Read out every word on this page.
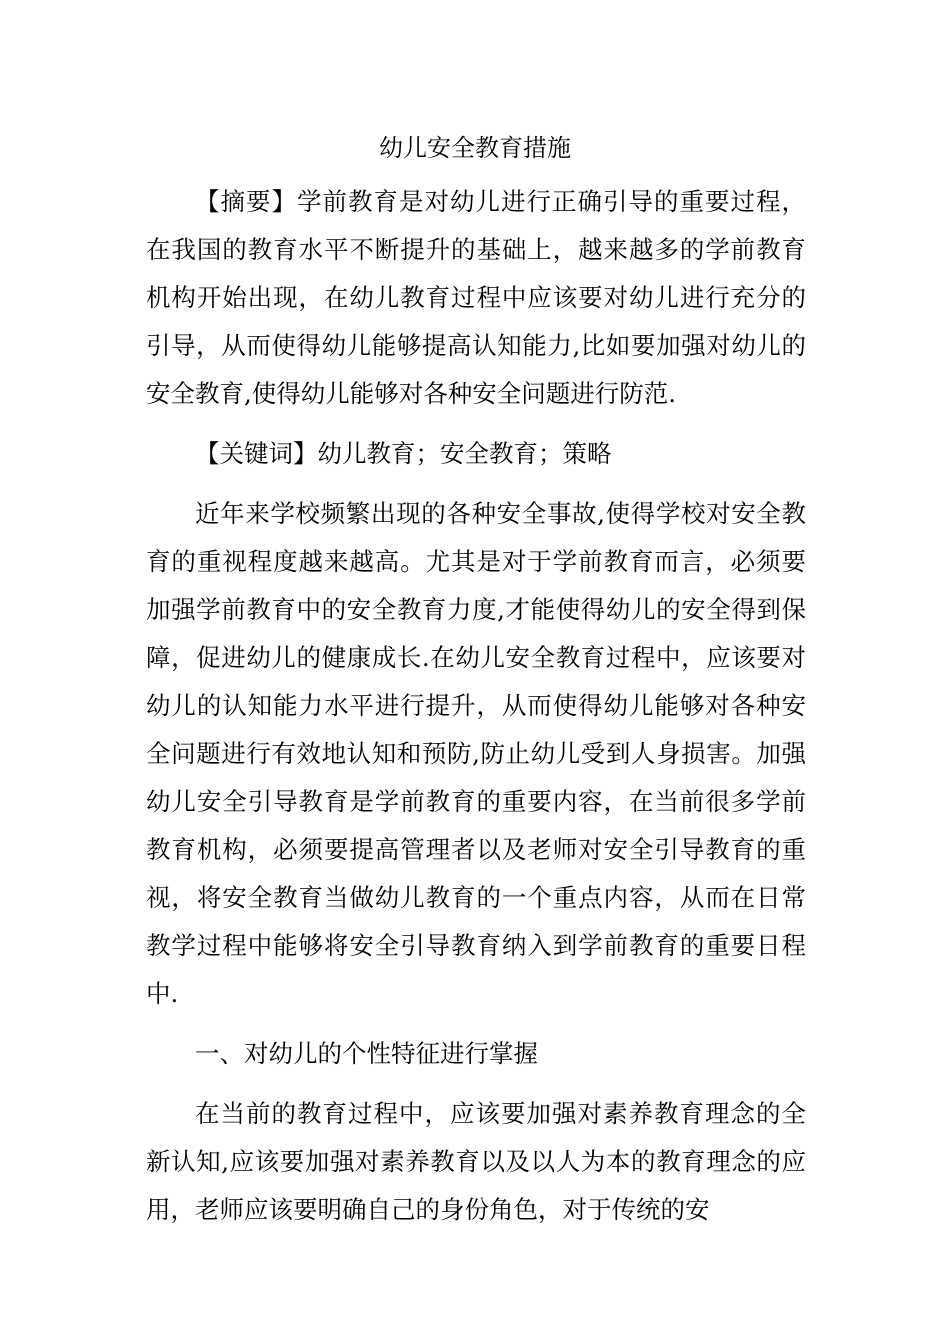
幼儿安全教育措施

【摘要】学前教育是对幼儿进行正确引导的重要过程，在我国的教育水平不断提升的基础上，越来越多的学前教育机构开始出现，在幼儿教育过程中应该要对幼儿进行充分的引导，从而使得幼儿能够提高认知能力,比如要加强对幼儿的安全教育,使得幼儿能够对各种安全问题进行防范.

【关键词】幼儿教育；安全教育；策略

近年来学校频繁出现的各种安全事故,使得学校对安全教育的重视程度越来越高。尤其是对于学前教育而言，必须要加强学前教育中的安全教育力度,才能使得幼儿的安全得到保障，促进幼儿的健康成长.在幼儿安全教育过程中，应该要对幼儿的认知能力水平进行提升，从而使得幼儿能够对各种安全问题进行有效地认知和预防,防止幼儿受到人身损害。加强幼儿安全引导教育是学前教育的重要内容，在当前很多学前教育机构，必须要提高管理者以及老师对安全引导教育的重视，将安全教育当做幼儿教育的一个重点内容，从而在日常教学过程中能够将安全引导教育纳入到学前教育的重要日程中.

一、对幼儿的个性特征进行掌握

在当前的教育过程中，应该要加强对素养教育理念的全新认知,应该要加强对素养教育以及以人为本的教育理念的应用，老师应该要明确自己的身份角色，对于传统的安
